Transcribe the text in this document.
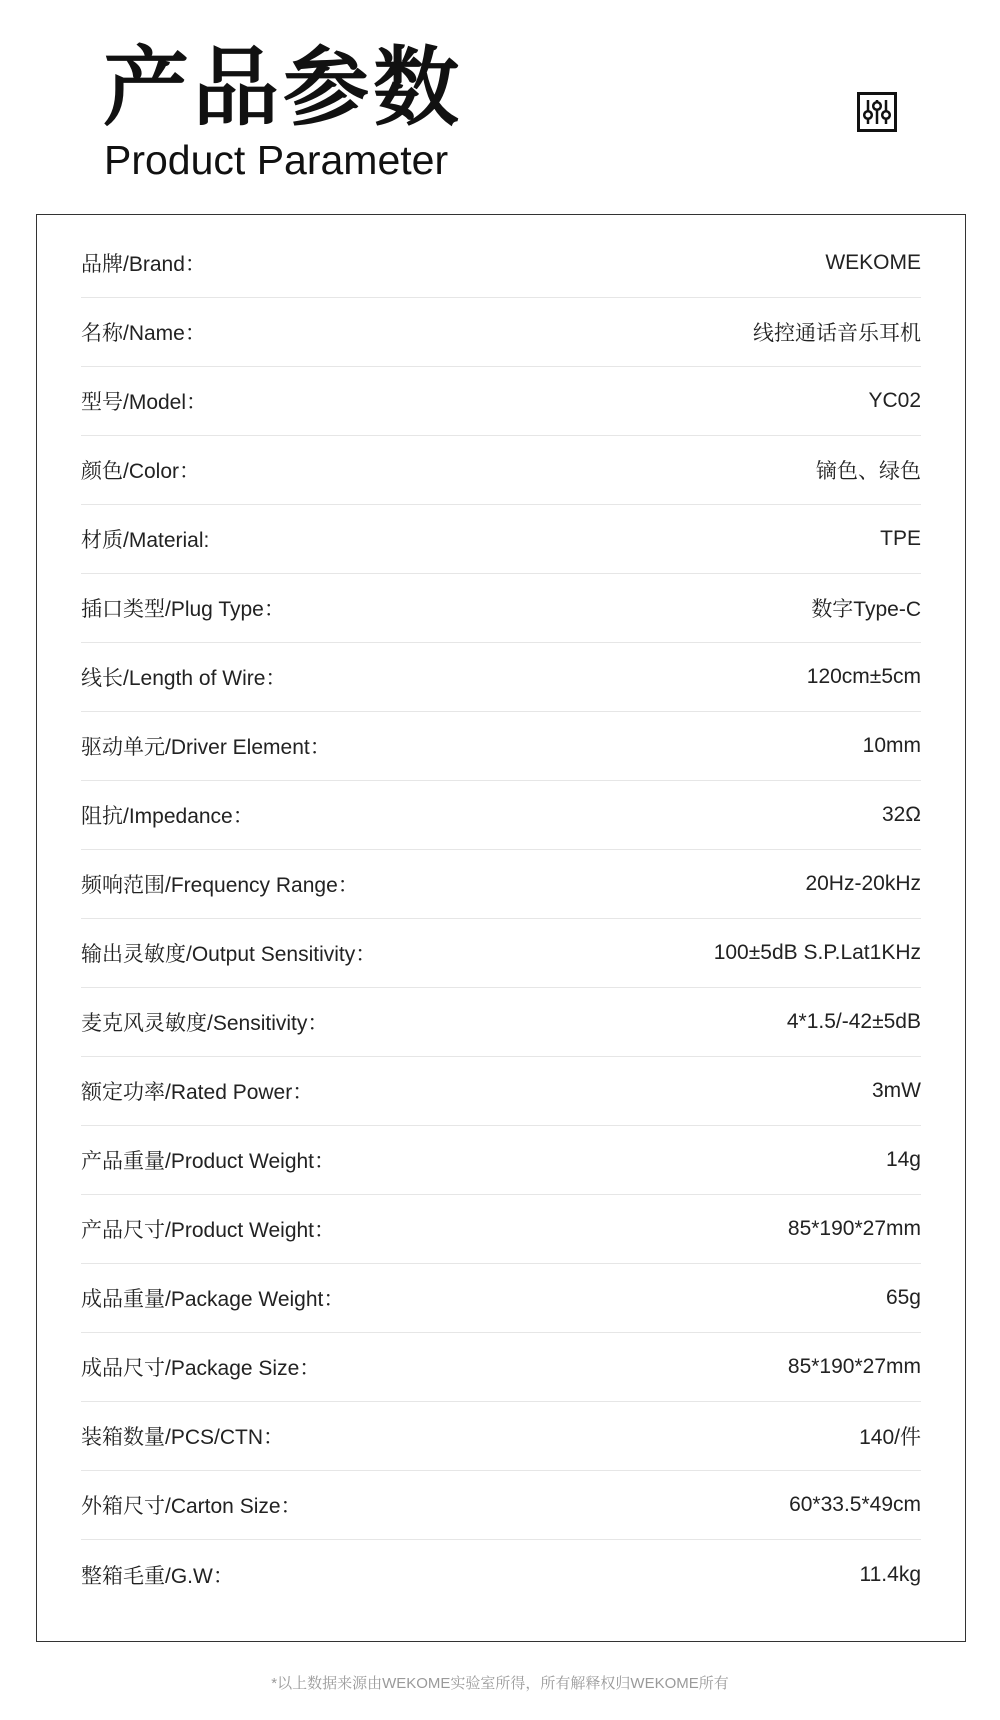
产品参数
Product Parameter
品牌/Brand：	WEKOME
名称/Name：	线控通话音乐耳机
型号/Model：	YC02
颜色/Color：	镝色、绿色
材质/Material:	TPE
插口类型/Plug Type：	数字Type-C
线长/Length of Wire：	120cm±5cm
驱动单元/Driver Element：	10mm
阻抗/Impedance：	32Ω
频响范围/Frequency Range：	20Hz-20kHz
输出灵敏度/Output Sensitivity：	100±5dB S.P.Lat1KHz
麦克风灵敏度/Sensitivity：	4*1.5/-42±5dB
额定功率/Rated Power：	3mW
产品重量/Product Weight：	14g
产品尺寸/Product Weight：	85*190*27mm
成品重量/Package Weight：	65g
成品尺寸/Package Size：	85*190*27mm
装箱数量/PCS/CTN：	140/件
外箱尺寸/Carton Size：	60*33.5*49cm
整箱毛重/G.W：	11.4kg
*以上数据来源由WEKOME实验室所得，所有解释权归WEKOME所有
